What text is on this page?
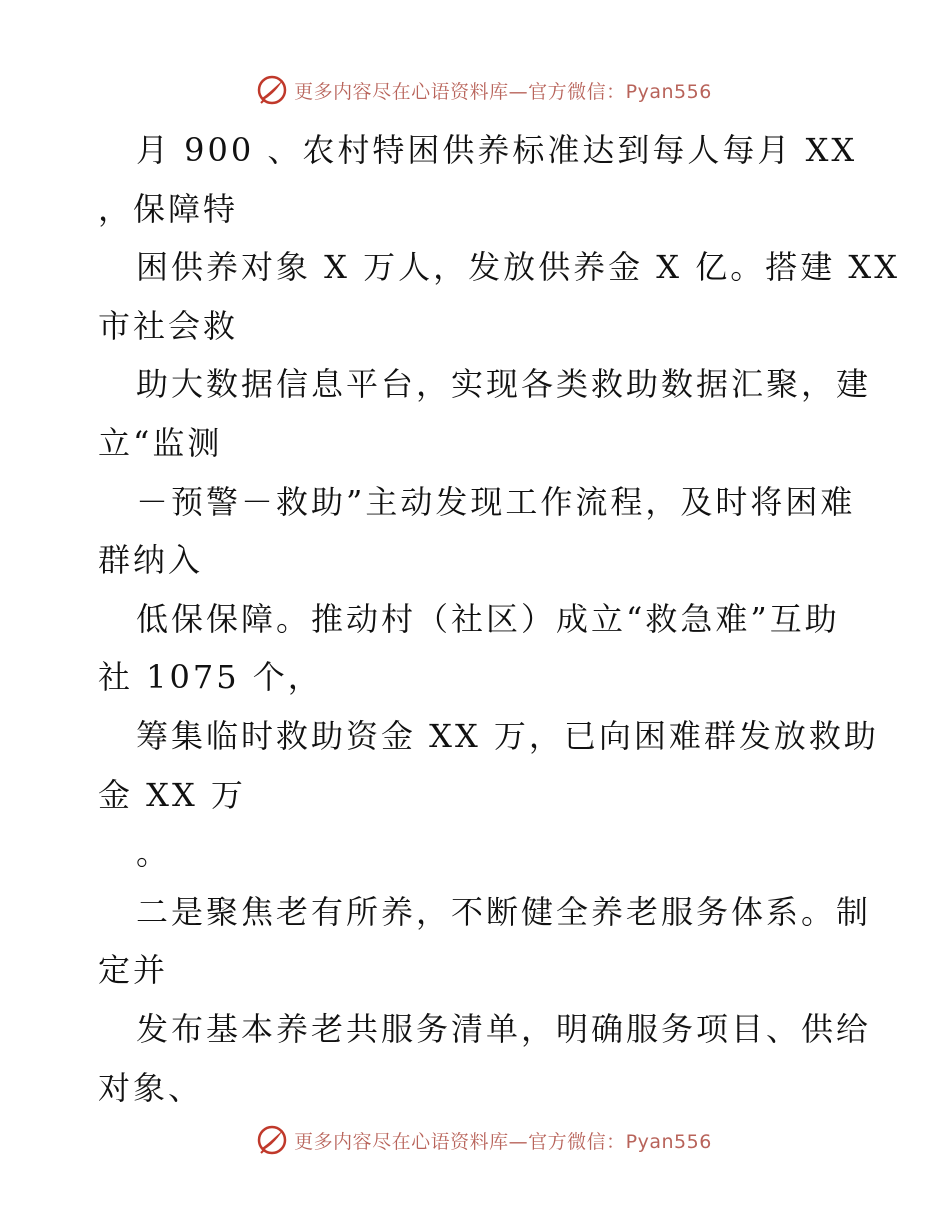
更多内容尽在心语资料库—官方微信：Pyan556
月 900 、农村特困供养标准达到每人每月 XX
，保障特
困供养对象 X 万人，发放供养金 X 亿。搭建 XX
市社会救
助大数据信息平台，实现各类救助数据汇聚，建
立“监测
－预警－救助”主动发现工作流程，及时将困难
群纳入
低保保障。推动村（社区）成立“救急难”互助
社 1075 个，
筹集临时救助资金 XX 万，已向困难群发放救助
金 XX 万
。
二是聚焦老有所养，不断健全养老服务体系。制
定并
发布基本养老共服务清单，明确服务项目、供给
对象、
更多内容尽在心语资料库—官方微信：Pyan556
